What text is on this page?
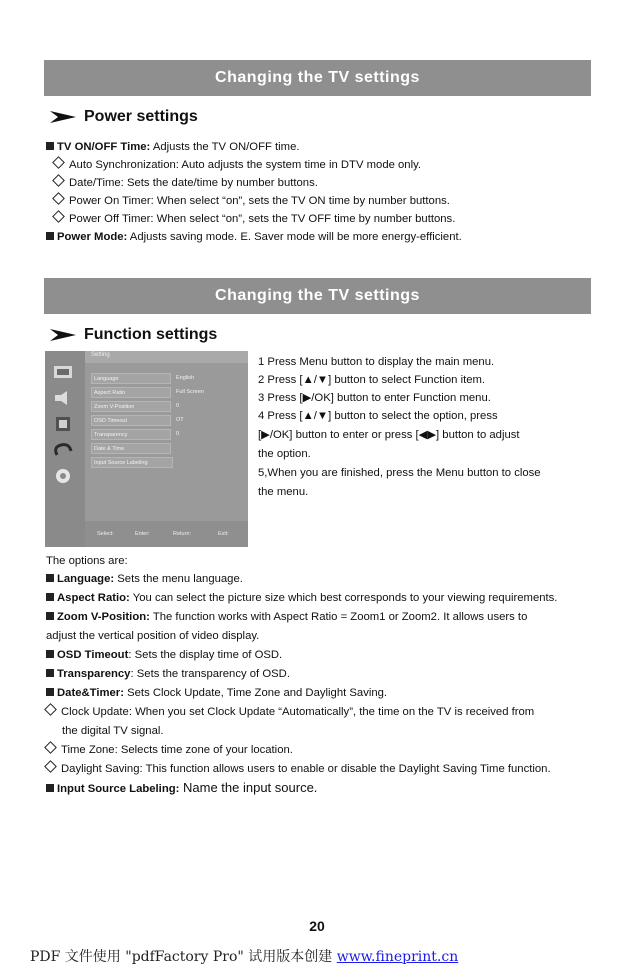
Changing the TV settings
Power settings
TV ON/OFF Time: Adjusts the TV ON/OFF time.
Auto Synchronization: Auto adjusts the system time in DTV mode only.
Date/Time: Sets the date/time by number buttons.
Power On Timer: When select “on”, sets the TV ON time by number buttons.
Power Off Timer: When select “on”, sets the TV OFF time by number buttons.
Power Mode: Adjusts saving mode. E. Saver mode will be more energy-efficient.
Changing the TV settings
Function settings
Setting
Language
Aspect Ratio
Zoom V-Position
OSD Timeout
Transparency
Date & Time
Input Source Labeling
English
Full Screen
0
OT
0
Select:	Enter:	Return:	Exit:
1 Press Menu button to display the main menu.
2 Press [▲/▼] button to select Function item.
3 Press [▶/OK] button to enter Function menu.
4 Press [▲/▼] button to select the option, press
[▶/OK] button to enter or press [◀▶] button to adjust
the option.
5,When you are finished, press the Menu button to close
the menu.
The options are:
Language: Sets the menu language.
Aspect Ratio: You can select the picture size which best corresponds to your viewing requirements.
Zoom V-Position: The function works with Aspect Ratio = Zoom1 or Zoom2. It allows users to
adjust the vertical position of video display.
OSD Timeout: Sets the display time of OSD.
Transparency: Sets the transparency of OSD.
Date&Timer: Sets Clock Update, Time Zone and Daylight Saving.
Clock Update: When you set Clock Update “Automatically”, the time on the TV is received from
the digital TV signal.
Time Zone: Selects time zone of your location.
Daylight Saving: This function allows users to enable or disable the Daylight Saving Time function.
Input Source Labeling: Name the input source.
20
PDF 文件使用 "pdfFactory Pro" 试用版本创建 www.fineprint.cn
